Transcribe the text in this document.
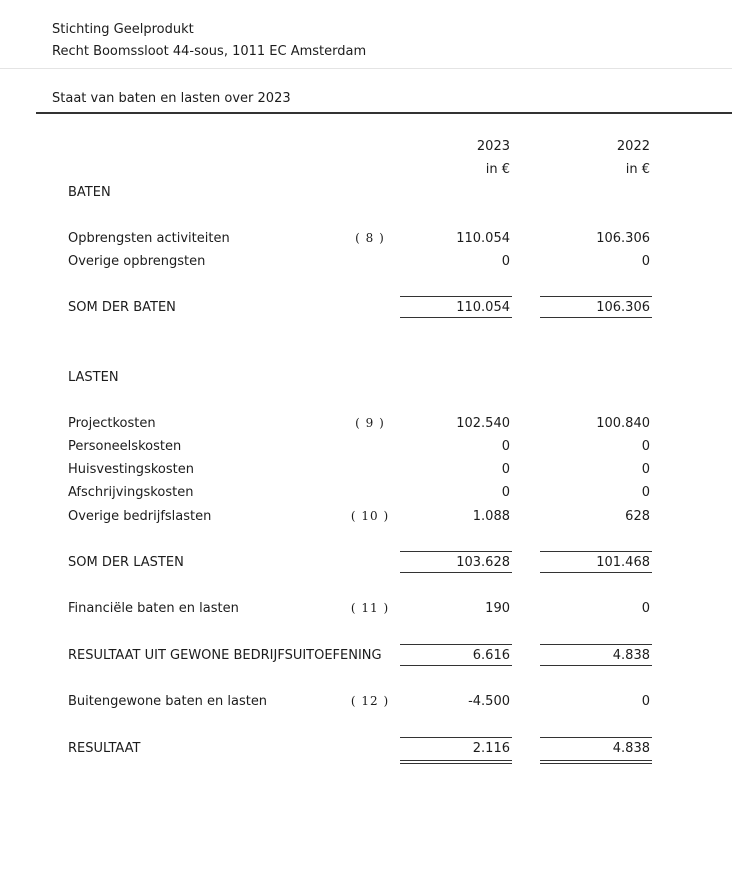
Stichting Geelprodukt
Recht Boomssloot 44-sous, 1011 EC Amsterdam
Staat van baten en lasten over 2023
2023	2022
in €	in €
BATEN
Opbrengsten activiteiten	( 8 )	110.054	106.306
Overige opbrengsten	0	0
SOM DER BATEN	110.054	106.306
LASTEN
Projectkosten	( 9 )	102.540	100.840
Personeelskosten	0	0
Huisvestingskosten	0	0
Afschrijvingskosten	0	0
Overige bedrijfslasten	( 10 )	1.088	628
SOM DER LASTEN	103.628	101.468
Financiële baten en lasten	( 11 )	190	0
RESULTAAT UIT GEWONE BEDRIJFSUITOEFENING	6.616	4.838
Buitengewone baten en lasten	( 12 )	-4.500	0
RESULTAAT	2.116	4.838
